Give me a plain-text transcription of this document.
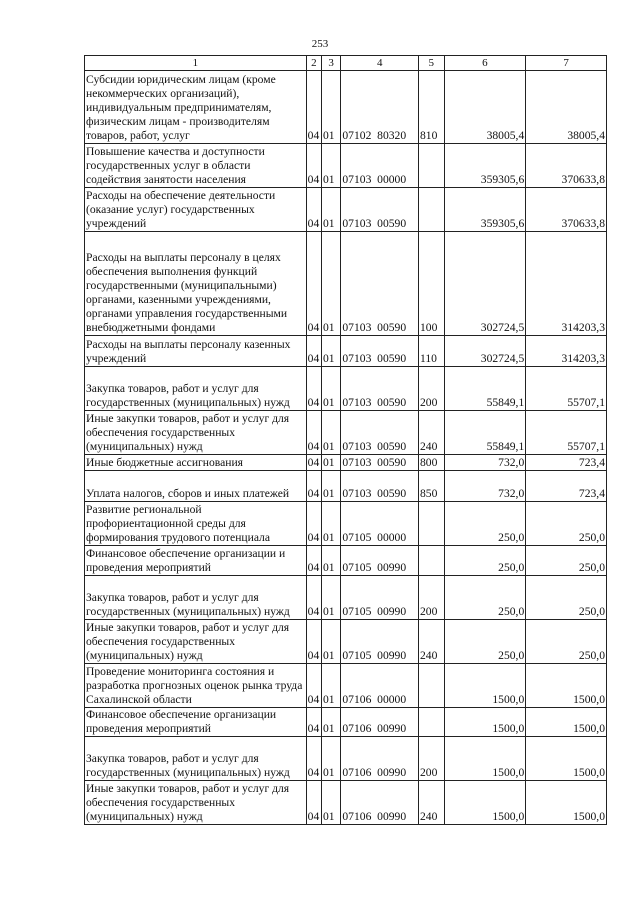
253
1	2	3	4	5	6	7
Субсидии юридическим лицам (кроме некоммерческих организаций), индивидуальным предпринимателям, физическим лицам - производителям товаров, работ, услуг	04	01	07102  80320	810	38005,4	38005,4
Повышение качества и доступности государственных услуг в области содействия занятости населения	04	01	07103  00000		359305,6	370633,8
Расходы на обеспечение деятельности (оказание услуг) государственных учреждений	04	01	07103  00590		359305,6	370633,8
Расходы на выплаты персоналу в целях обеспечения выполнения функций государственными (муниципальными) органами, казенными учреждениями, органами управления государственными внебюджетными фондами	04	01	07103  00590	100	302724,5	314203,3
Расходы на выплаты персоналу казенных учреждений	04	01	07103  00590	110	302724,5	314203,3
Закупка товаров, работ и услуг для государственных (муниципальных) нужд	04	01	07103  00590	200	55849,1	55707,1
Иные закупки товаров, работ и услуг для обеспечения государственных (муниципальных) нужд	04	01	07103  00590	240	55849,1	55707,1
Иные бюджетные ассигнования	04	01	07103  00590	800	732,0	723,4
Уплата налогов, сборов и иных платежей	04	01	07103  00590	850	732,0	723,4
Развитие региональной профориентационной среды для формирования трудового потенциала	04	01	07105  00000		250,0	250,0
Финансовое обеспечение организации и проведения мероприятий	04	01	07105  00990		250,0	250,0
Закупка товаров, работ и услуг для государственных (муниципальных) нужд	04	01	07105  00990	200	250,0	250,0
Иные закупки товаров, работ и услуг для обеспечения государственных (муниципальных) нужд	04	01	07105  00990	240	250,0	250,0
Проведение мониторинга состояния и разработка прогнозных оценок рынка труда Сахалинской области	04	01	07106  00000		1500,0	1500,0
Финансовое обеспечение организации проведения мероприятий	04	01	07106  00990		1500,0	1500,0
Закупка товаров, работ и услуг для государственных (муниципальных) нужд	04	01	07106  00990	200	1500,0	1500,0
Иные закупки товаров, работ и услуг для обеспечения государственных (муниципальных) нужд	04	01	07106  00990	240	1500,0	1500,0
